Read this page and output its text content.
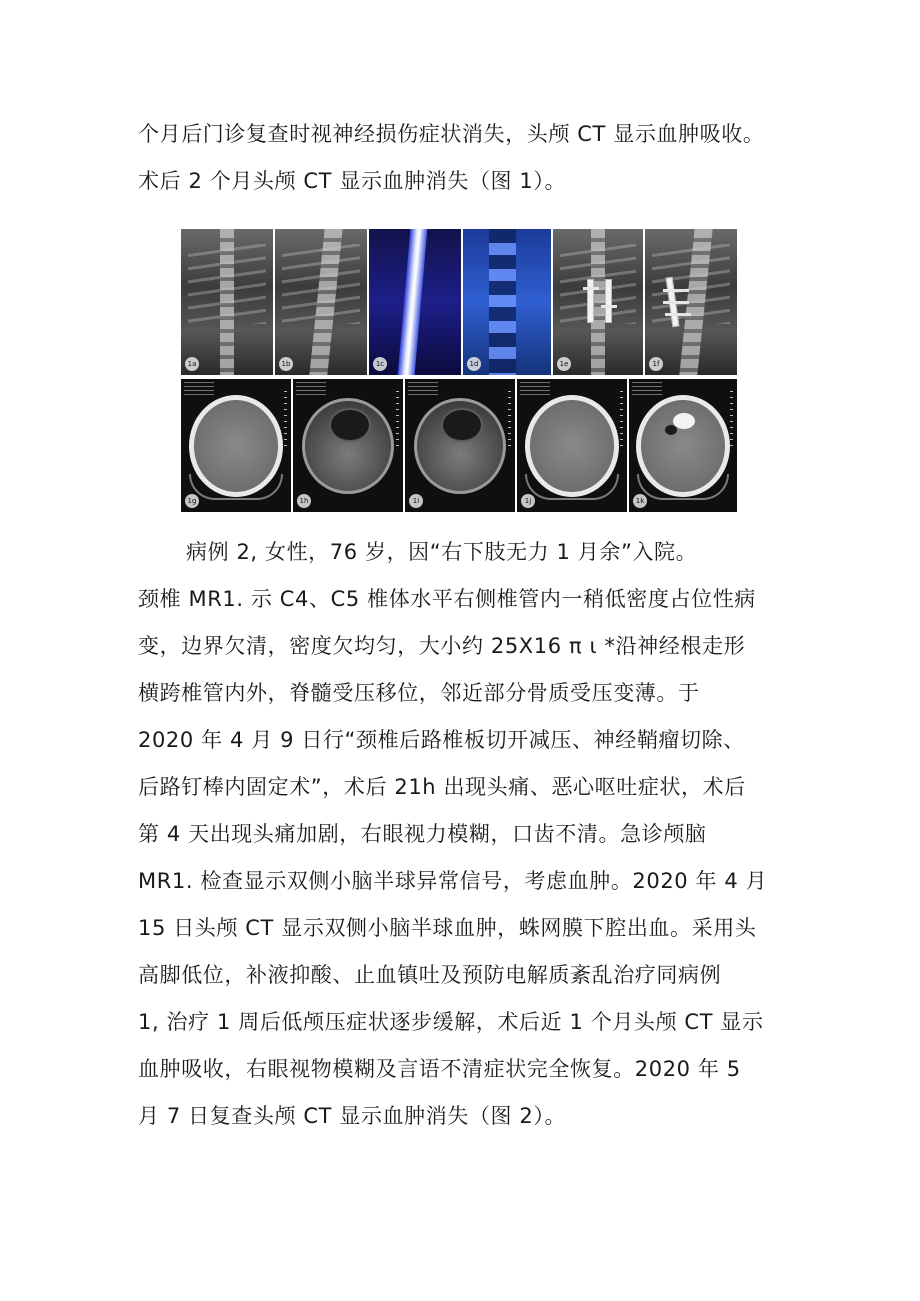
个月后门诊复查时视神经损伤症状消失，头颅 CT 显示血肿吸收。
术后 2 个月头颅 CT 显示血肿消失（图 1）。
1a	1b	1c	1d	1e	1f
1g	1h	1i	1j	1k
病例 2, 女性，76 岁，因“右下肢无力 1 月余”入院。
颈椎 MR1. 示 C4、C5 椎体水平右侧椎管内一稍低密度占位性病
变，边界欠清，密度欠均匀，大小约 25X16 π ι *沿神经根走形
横跨椎管内外，脊髓受压移位，邻近部分骨质受压变薄。于
2020 年 4 月 9 日行“颈椎后路椎板切开减压、神经鞘瘤切除、
后路钉棒内固定术”，术后 21h 出现头痛、恶心呕吐症状，术后
第 4 天出现头痛加剧，右眼视力模糊，口齿不清。急诊颅脑
MR1. 检查显示双侧小脑半球异常信号，考虑血肿。2020 年 4 月
15 日头颅 CT 显示双侧小脑半球血肿，蛛网膜下腔出血。采用头
高脚低位，补液抑酸、止血镇吐及预防电解质紊乱治疗同病例
1, 治疗 1 周后低颅压症状逐步缓解，术后近 1 个月头颅 CT 显示
血肿吸收，右眼视物模糊及言语不清症状完全恢复。2020 年 5
月 7 日复查头颅 CT 显示血肿消失（图 2）。
